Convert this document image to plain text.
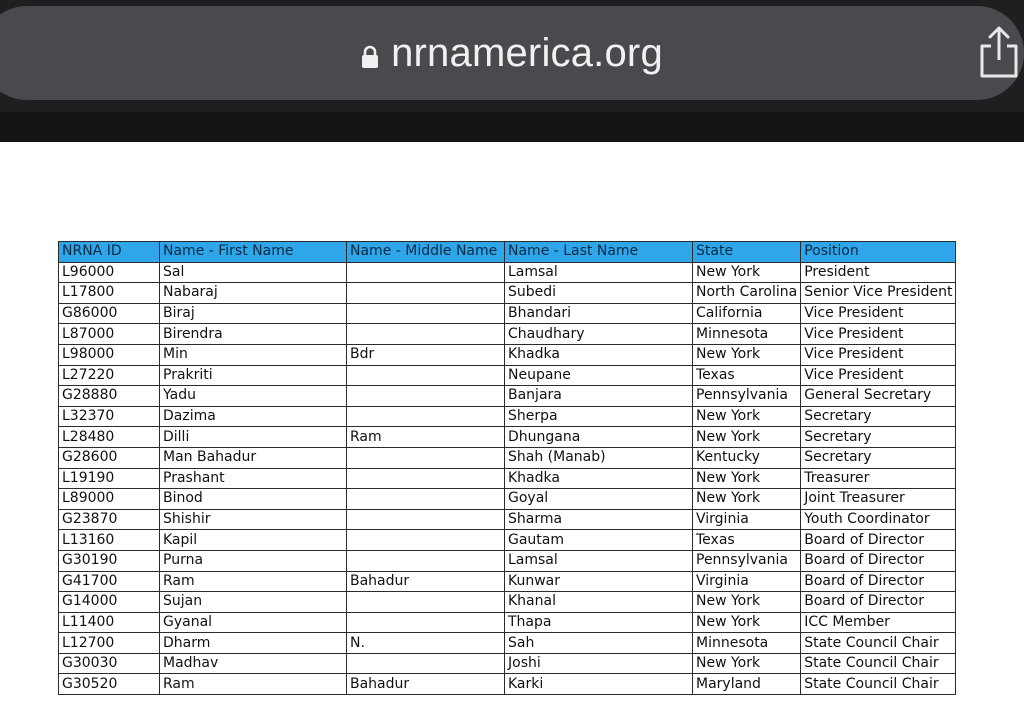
nrnamerica.org
NRNA ID	Name - First Name	Name - Middle Name	Name - Last Name	State	Position
L96000	Sal		Lamsal	New York	President
L17800	Nabaraj		Subedi	North Carolina	Senior Vice President
G86000	Biraj		Bhandari	California	Vice President
L87000	Birendra		Chaudhary	Minnesota	Vice President
L98000	Min	Bdr	Khadka	New York	Vice President
L27220	Prakriti		Neupane	Texas	Vice President
G28880	Yadu		Banjara	Pennsylvania	General Secretary
L32370	Dazima		Sherpa	New York	Secretary
L28480	Dilli	Ram	Dhungana	New York	Secretary
G28600	Man Bahadur		Shah (Manab)	Kentucky	Secretary
L19190	Prashant		Khadka	New York	Treasurer
L89000	Binod		Goyal	New York	Joint Treasurer
G23870	Shishir		Sharma	Virginia	Youth Coordinator
L13160	Kapil		Gautam	Texas	Board of Director
G30190	Purna		Lamsal	Pennsylvania	Board of Director
G41700	Ram	Bahadur	Kunwar	Virginia	Board of Director
G14000	Sujan		Khanal	New York	Board of Director
L11400	Gyanal		Thapa	New York	ICC Member
L12700	Dharm	N.	Sah	Minnesota	State Council Chair
G30030	Madhav		Joshi	New York	State Council Chair
G30520	Ram	Bahadur	Karki	Maryland	State Council Chair
